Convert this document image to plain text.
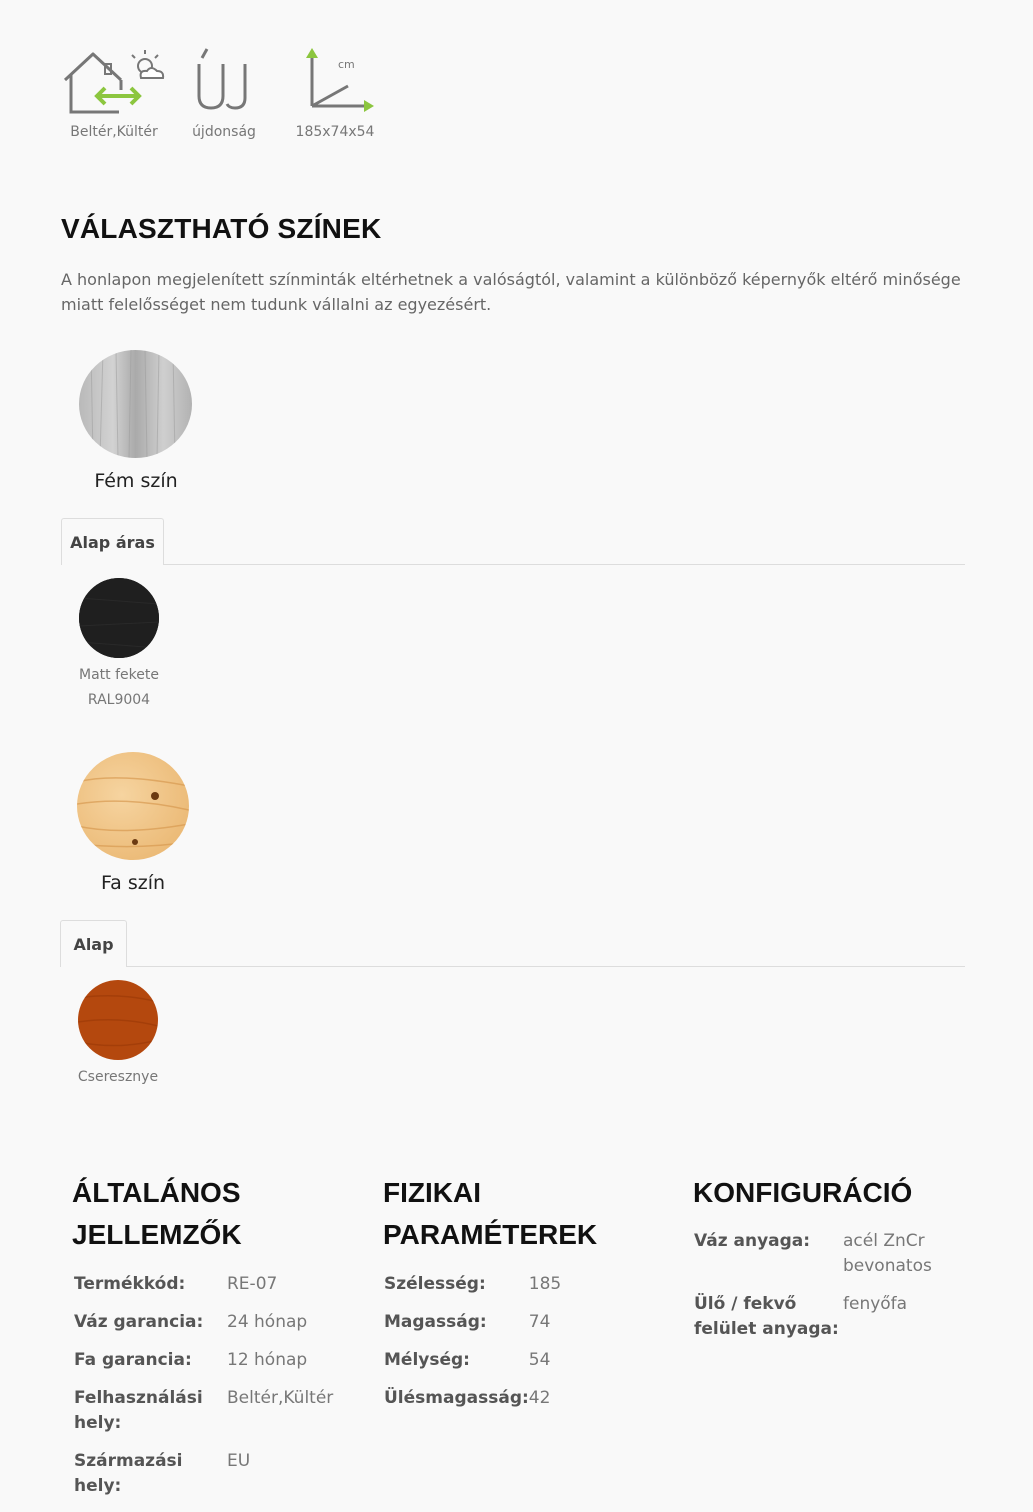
Beltér,Kültér	újdonság
cm
185x74x54
VÁLASZTHATÓ SZÍNEK
A honlapon megjelenített színminták eltérhetnek a valóságtól, valamint a különböző képernyők eltérő minősége miatt felelősséget nem tudunk vállalni az egyezésért.
Fém szín
Alap áras
Matt fekete
RAL9004
Fa szín
Alap
Cseresznye
ÁLTALÁNOS
JELLEMZŐK
Termékkód:	RE-07
Váz garancia:	24 hónap
Fa garancia:	12 hónap

Felhasználási
hely:	Beltér,Kültér
Származási hely:	EU
FIZIKAI
PARAMÉTEREK
Szélesség:	185
Magasság:	74
Mélység:	54
Ülésmagasság:	42
KONFIGURÁCIÓ
Váz anyaga:	acél ZnCr
bevonatos

Ülő / fekvő
felület anyaga:	fenyőfa
